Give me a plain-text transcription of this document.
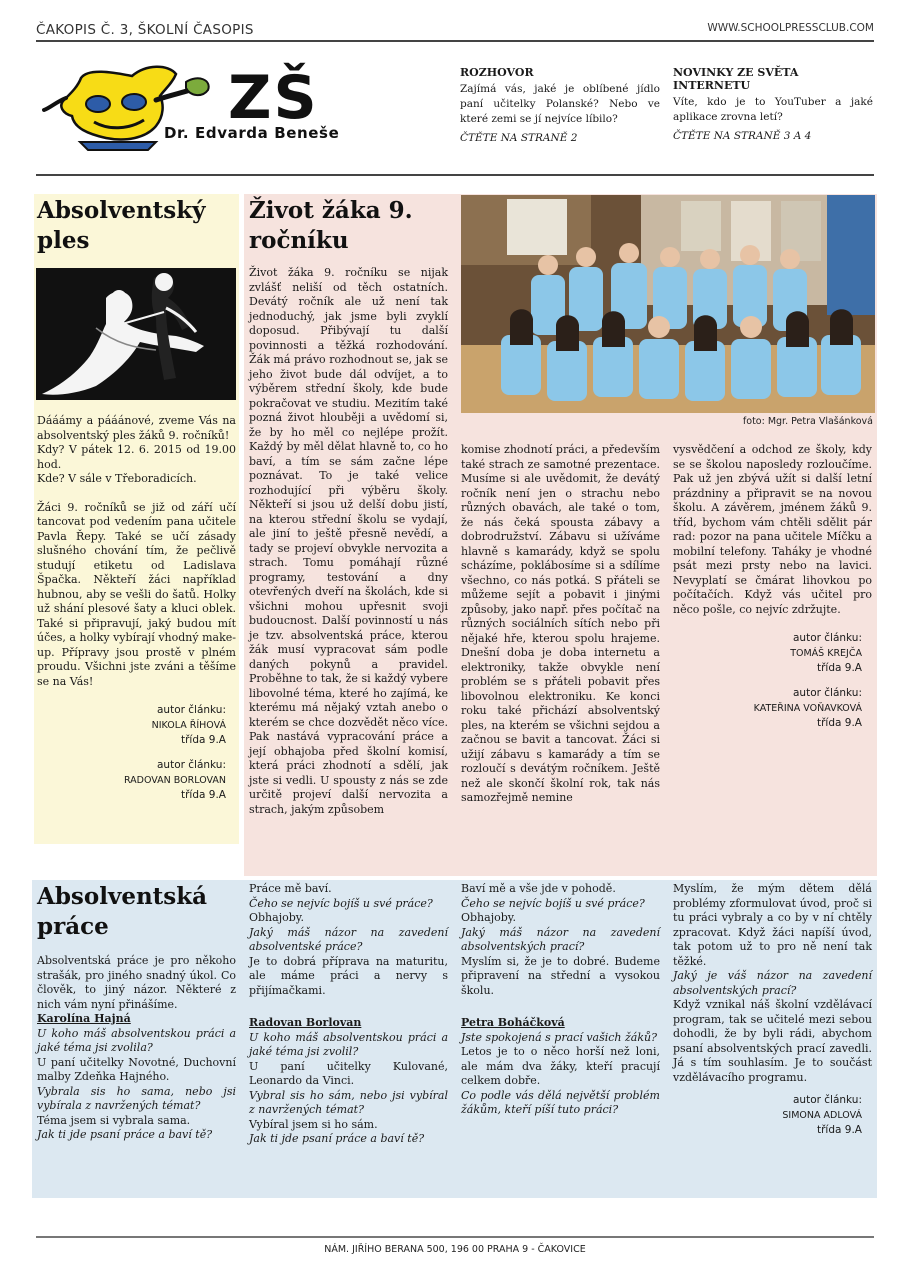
ČAKOPIS Č. 3, ŠKOLNÍ ČASOPIS	WWW.SCHOOLPRESSCLUB.COM
ZŠ
Dr. Edvarda Beneše
ROZHOVOR
Zajímá vás, jaké je oblíbené jídlo paní učitelky Polanské? Nebo ve které zemi se jí nejvíce líbilo?
ČTĚTE NA STRANĚ 2
NOVINKY ZE SVĚTA INTERNETU
Víte, kdo je to YouTuber a jaké aplikace zrovna letí?
ČTĚTE NA STRANĚ 3 A 4
Absolventský ples

Dááámy a pááánové, zveme Vás na absolventský ples žáků 9. ročníků!

Kdy? V pátek 12. 6. 2015 od 19.00 hod.

Kde? V sále v Třeboradicích.

Žáci 9. ročníků se již od září učí tancovat pod vedením pana učitele Pavla Řepy. Také se učí zásady slušného chování tím, že pečlivě studují etiketu od Ladislava Špačka. Někteří žáci například hubnou, aby se vešli do šatů. Holky už shání plesové šaty a kluci oblek. Také si připravují, jaký budou mít účes, a holky vybírají vhodný make-up. Přípravy jsou prostě v plném proudu. Všichni jste zváni a těšíme se na Vás!

autor článku:
NIKOLA ŘÍHOVÁ
třída 9.A
autor článku:
RADOVAN BORLOVAN
třída 9.A
Život žáka 9. ročníku
foto: Mgr. Petra Vlašánková

Život žáka 9. ročníku se nijak zvlášť neliší od těch ostatních. Devátý ročník ale už není tak jednoduchý, jak jsme byli zvyklí doposud. Přibývají tu další povinnosti a těžká rozhodování. Žák má právo rozhodnout se, jak se jeho život bude dál odvíjet, a to výběrem střední školy, kde bude pokračovat ve studiu. Mezitím také pozná život hlouběji a uvědomí si, že by ho měl co nejlépe prožít. Každý by měl dělat hlavně to, co ho baví, a tím se sám začne lépe poznávat. To je také velice rozhodující při výběru školy. Někteří si jsou už delší dobu jistí, na kterou střední školu se vydají, ale jiní to ještě přesně nevědí, a tady se projeví obvykle nervozita a strach. Tomu pomáhají různé programy, testování a dny otevřených dveří na školách, kde si všichni mohou upřesnit svoji budoucnost. Další povinností u nás je tzv. absolventská práce, kterou žák musí vypracovat sám podle daných pokynů a pravidel. Proběhne to tak, že si každý vybere libovolné téma, které ho zajímá, ke kterému má nějaký vztah anebo o kterém se chce dozvědět něco více. Pak nastává vypracování práce a její obhajoba před školní komisí, která práci zhodnotí a sdělí, jak jste si vedli. U spousty z nás se zde určitě projeví další nervozita a strach, jakým způsobem

komise zhodnotí práci, a především také strach ze samotné prezentace. Musíme si ale uvědomit, že devátý ročník není jen o strachu nebo různých obavách, ale také o tom, že nás čeká spousta zábavy a dobrodružství. Zábavu si užíváme hlavně s kamarády, když se spolu scházíme, poklábosíme si a sdílíme všechno, co nás potká. S přáteli se můžeme sejít a pobavit i jinými způsoby, jako např. přes počítač na různých sociálních sítích nebo při nějaké hře, kterou spolu hrajeme. Dnešní doba je doba internetu a elektroniky, takže obvykle není problém se s přáteli pobavit přes libovolnou elektroniku. Ke konci roku také přichází absolventský ples, na kterém se všichni sejdou a začnou se bavit a tancovat. Žáci si užijí zábavu s kamarády a tím se rozloučí s devátým ročníkem. Ještě než ale skončí školní rok, tak nás samozřejmě nemine

vysvědčení a odchod ze školy, kdy se se školou naposledy rozloučíme. Pak už jen zbývá užít si další letní prázdniny a připravit se na novou školu. A závěrem, jménem žáků 9. tříd, bychom vám chtěli sdělit pár rad: pozor na pana učitele Míčku a mobilní telefony. Taháky je vhodné psát mezi prsty nebo na lavici. Nevyplatí se čmárat lihovkou po počítačích. Když vás učitel pro něco pošle, co nejvíc zdržujte.

autor článku:
TOMÁŠ KREJČA
třída 9.A
autor článku:
KATEŘINA VOŇAVKOVÁ
třída 9.A
Absolventská práce

Absolventská práce je pro někoho strašák, pro jiného snadný úkol. Co člověk, to jiný názor. Některé z nich vám nyní přinášíme.

Karolína Hajná

U koho máš absolventskou práci a jaké téma jsi zvolila?

U paní učitelky Novotné, Duchovní malby Zdeňka Hajného.

Vybrala sis ho sama, nebo jsi vybírala z navržených témat?

Téma jsem si vybrala sama.

Jak ti jde psaní práce a baví tě?

Práce mě baví.

Čeho se nejvíc bojíš u své práce?

Obhajoby.

Jaký máš názor na zavedení absolventské práce?

Je to dobrá příprava na maturitu, ale máme práci a nervy s přijímačkami.

Radovan Borlovan

U koho máš absolventskou práci a jaké téma jsi zvolil?

U paní učitelky Kulované, Leonardo da Vinci.

Vybral sis ho sám, nebo jsi vybíral z navržených témat?

Vybíral jsem si ho sám.

Jak ti jde psaní práce a baví tě?

Baví mě a vše jde v pohodě.

Čeho se nejvíc bojíš u své práce?

Obhajoby.

Jaký máš názor na zavedení absolventských prací?

Myslím si, že je to dobré. Budeme připravení na střední a vysokou školu.

Petra Boháčková

Jste spokojená s prací vašich žáků?

Letos je to o něco horší než loni, ale mám dva žáky, kteří pracují celkem dobře.

Co podle vás dělá největší problém žákům, kteří píší tuto práci?

Myslím, že mým dětem dělá problémy zformulovat úvod, proč si tu práci vybraly a co by v ní chtěly zpracovat. Když žáci napíší úvod, tak potom už to pro ně není tak těžké.

Jaký je váš názor na zavedení absolventských prací?

Když vznikal náš školní vzdělávací program, tak se učitelé mezi sebou dohodli, že by byli rádi, abychom psaní absolventských prací zavedli. Já s tím souhlasím. Je to součást vzdělávacího programu.

autor článku:
SIMONA ADLOVÁ
třída 9.A
NÁM. JIŘÍHO BERANA 500, 196 00 PRAHA 9 - ČAKOVICE
